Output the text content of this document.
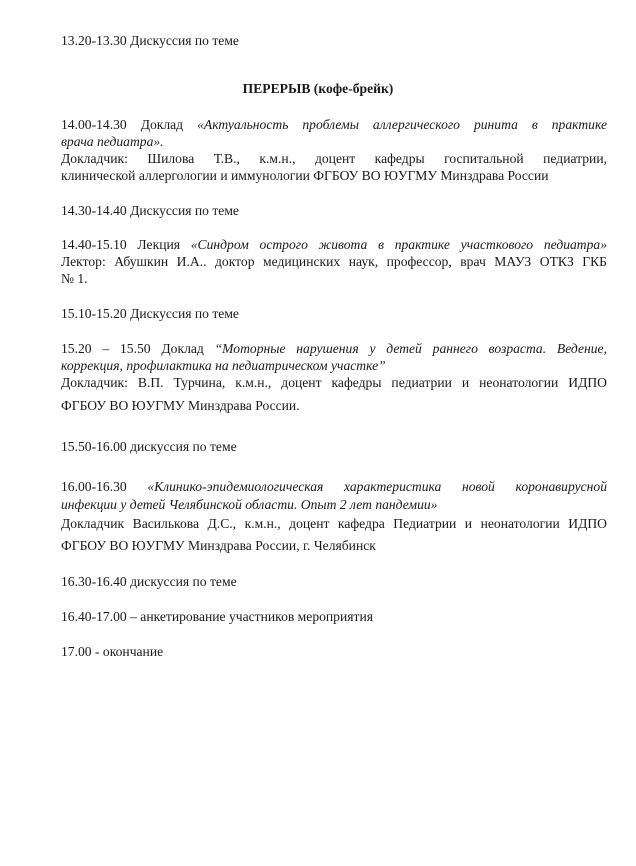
13.20-13.30 Дискуссия по теме
ПЕРЕРЫВ (кофе-брейк)
14.00-14.30 Доклад «Актуальность проблемы аллергического ринита в практике
врача педиатра».
Докладчик: Шилова Т.В., к.м.н., доцент кафедры госпитальной педиатрии,
клинической аллергологии и иммунологии ФГБОУ ВО ЮУГМУ Минздрава России
14.30-14.40 Дискуссия по теме
14.40-15.10 Лекция «Синдром острого живота в практике участкового педиатра»
Лектор: Абушкин И.А.. доктор медицинских наук, профессор, врач МАУЗ ОТКЗ ГКБ
№ 1.
15.10-15.20 Дискуссия по теме
15.20 – 15.50 Доклад “Моторные нарушения у детей раннего возраста. Ведение,
коррекция, профилактика на педиатрическом участке”
Докладчик: В.П. Турчина, к.м.н., доцент кафедры педиатрии и неонатологии ИДПО
ФГБОУ ВО ЮУГМУ Минздрава России.
15.50-16.00 дискуссия по теме
16.00-16.30 «Клинико-эпидемиологическая характеристика новой коронавирусной
инфекции у детей Челябинской области. Опыт 2 лет пандемии»
Докладчик Василькова Д.С., к.м.н., доцент кафедра Педиатрии и неонатологии ИДПО
ФГБОУ ВО ЮУГМУ Минздрава России, г. Челябинск
16.30-16.40 дискуссия по теме
16.40-17.00 – анкетирование участников мероприятия
17.00 - окончание
